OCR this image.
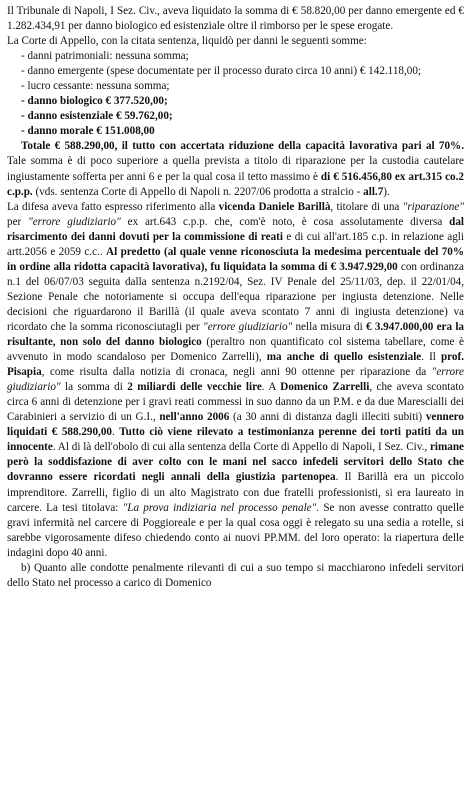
Il Tribunale di Napoli, I Sez. Civ., aveva liquidato la somma di € 58.820,00 per danno emergente ed € 1.282.434,91 per danno biologico ed esistenziale oltre il rimborso per le spese erogate.

La Corte di Appello, con la citata sentenza, liquidò per danni le seguenti somme:

- danni patrimoniali: nessuna somma;

- danno emergente (spese documentate per il processo durato circa 10 anni) € 142.118,00;

- lucro cessante: nessuna somma;

- danno biologico € 377.520,00;

- danno esistenziale € 59.762,00;

- danno morale € 151.008,00

Totale € 588.290,00, il tutto con accertata riduzione della capacità lavorativa pari al 70%. Tale somma è di poco superiore a quella prevista a titolo di riparazione per la custodia cautelare ingiustamente sofferta per anni 6 e per la qual cosa il tetto massimo è di € 516.456,80 ex art.315 co.2 c.p.p. (vds. sentenza Corte di Appello di Napoli n. 2207/06 prodotta a stralcio - all.7).

La difesa aveva fatto espresso riferimento alla vicenda Daniele Barillà, titolare di una "riparazione" per "errore giudiziario" ex art.643 c.p.p. che, com'è noto, è cosa assolutamente diversa dal risarcimento dei danni dovuti per la commissione di reati e di cui all'art.185 c.p. in relazione agli artt.2056 e 2059 c.c.. Al predetto (al quale venne riconosciuta la medesima percentuale del 70% in ordine alla ridotta capacità lavorativa), fu liquidata la somma di € 3.947.929,00 con ordinanza n.1 del 06/07/03 seguita dalla sentenza n.2192/04, Sez. IV Penale del 25/11/03, dep. il 22/01/04, Sezione Penale che notoriamente si occupa dell'equa riparazione per ingiusta detenzione. Nelle decisioni che riguardarono il Barillà (il quale aveva scontato 7 anni di ingiusta detenzione) va ricordato che la somma riconosciutagli per "errore giudiziario" nella misura di € 3.947.000,00 era la risultante, non solo del danno biologico (peraltro non quantificato col sistema tabellare, come è avvenuto in modo scandaloso per Domenico Zarrelli), ma anche di quello esistenziale. Il prof. Pisapia, come risulta dalla notizia di cronaca, negli anni 90 ottenne per riparazione da "errore giudiziario" la somma di 2 miliardi delle vecchie lire. A Domenico Zarrelli, che aveva scontato circa 6 anni di detenzione per i gravi reati commessi in suo danno da un P.M. e da due Marescialli dei Carabinieri a servizio di un G.I., nell'anno 2006 (a 30 anni di distanza dagli illeciti subiti) vennero liquidati € 588.290,00. Tutto ciò viene rilevato a testimonianza perenne dei torti patiti da un innocente. Al di là dell'obolo di cui alla sentenza della Corte di Appello di Napoli, I Sez. Civ., rimane però la soddisfazione di aver colto con le mani nel sacco infedeli servitori dello Stato che dovranno essere ricordati negli annali della giustizia partenopea. Il Barillà era un piccolo imprenditore. Zarrelli, figlio di un alto Magistrato con due fratelli professionisti, si era laureato in carcere. La tesi titolava: "La prova indiziaria nel processo penale". Se non avesse contratto quelle gravi infermità nel carcere di Poggioreale e per la qual cosa oggi è relegato su una sedia a rotelle, si sarebbe vigorosamente difeso chiedendo conto ai nuovi PP.MM. del loro operato: la riapertura delle indagini dopo 40 anni.

b) Quanto alle condotte penalmente rilevanti di cui a suo tempo si macchiarono infedeli servitori dello Stato nel processo a carico di Domenico
